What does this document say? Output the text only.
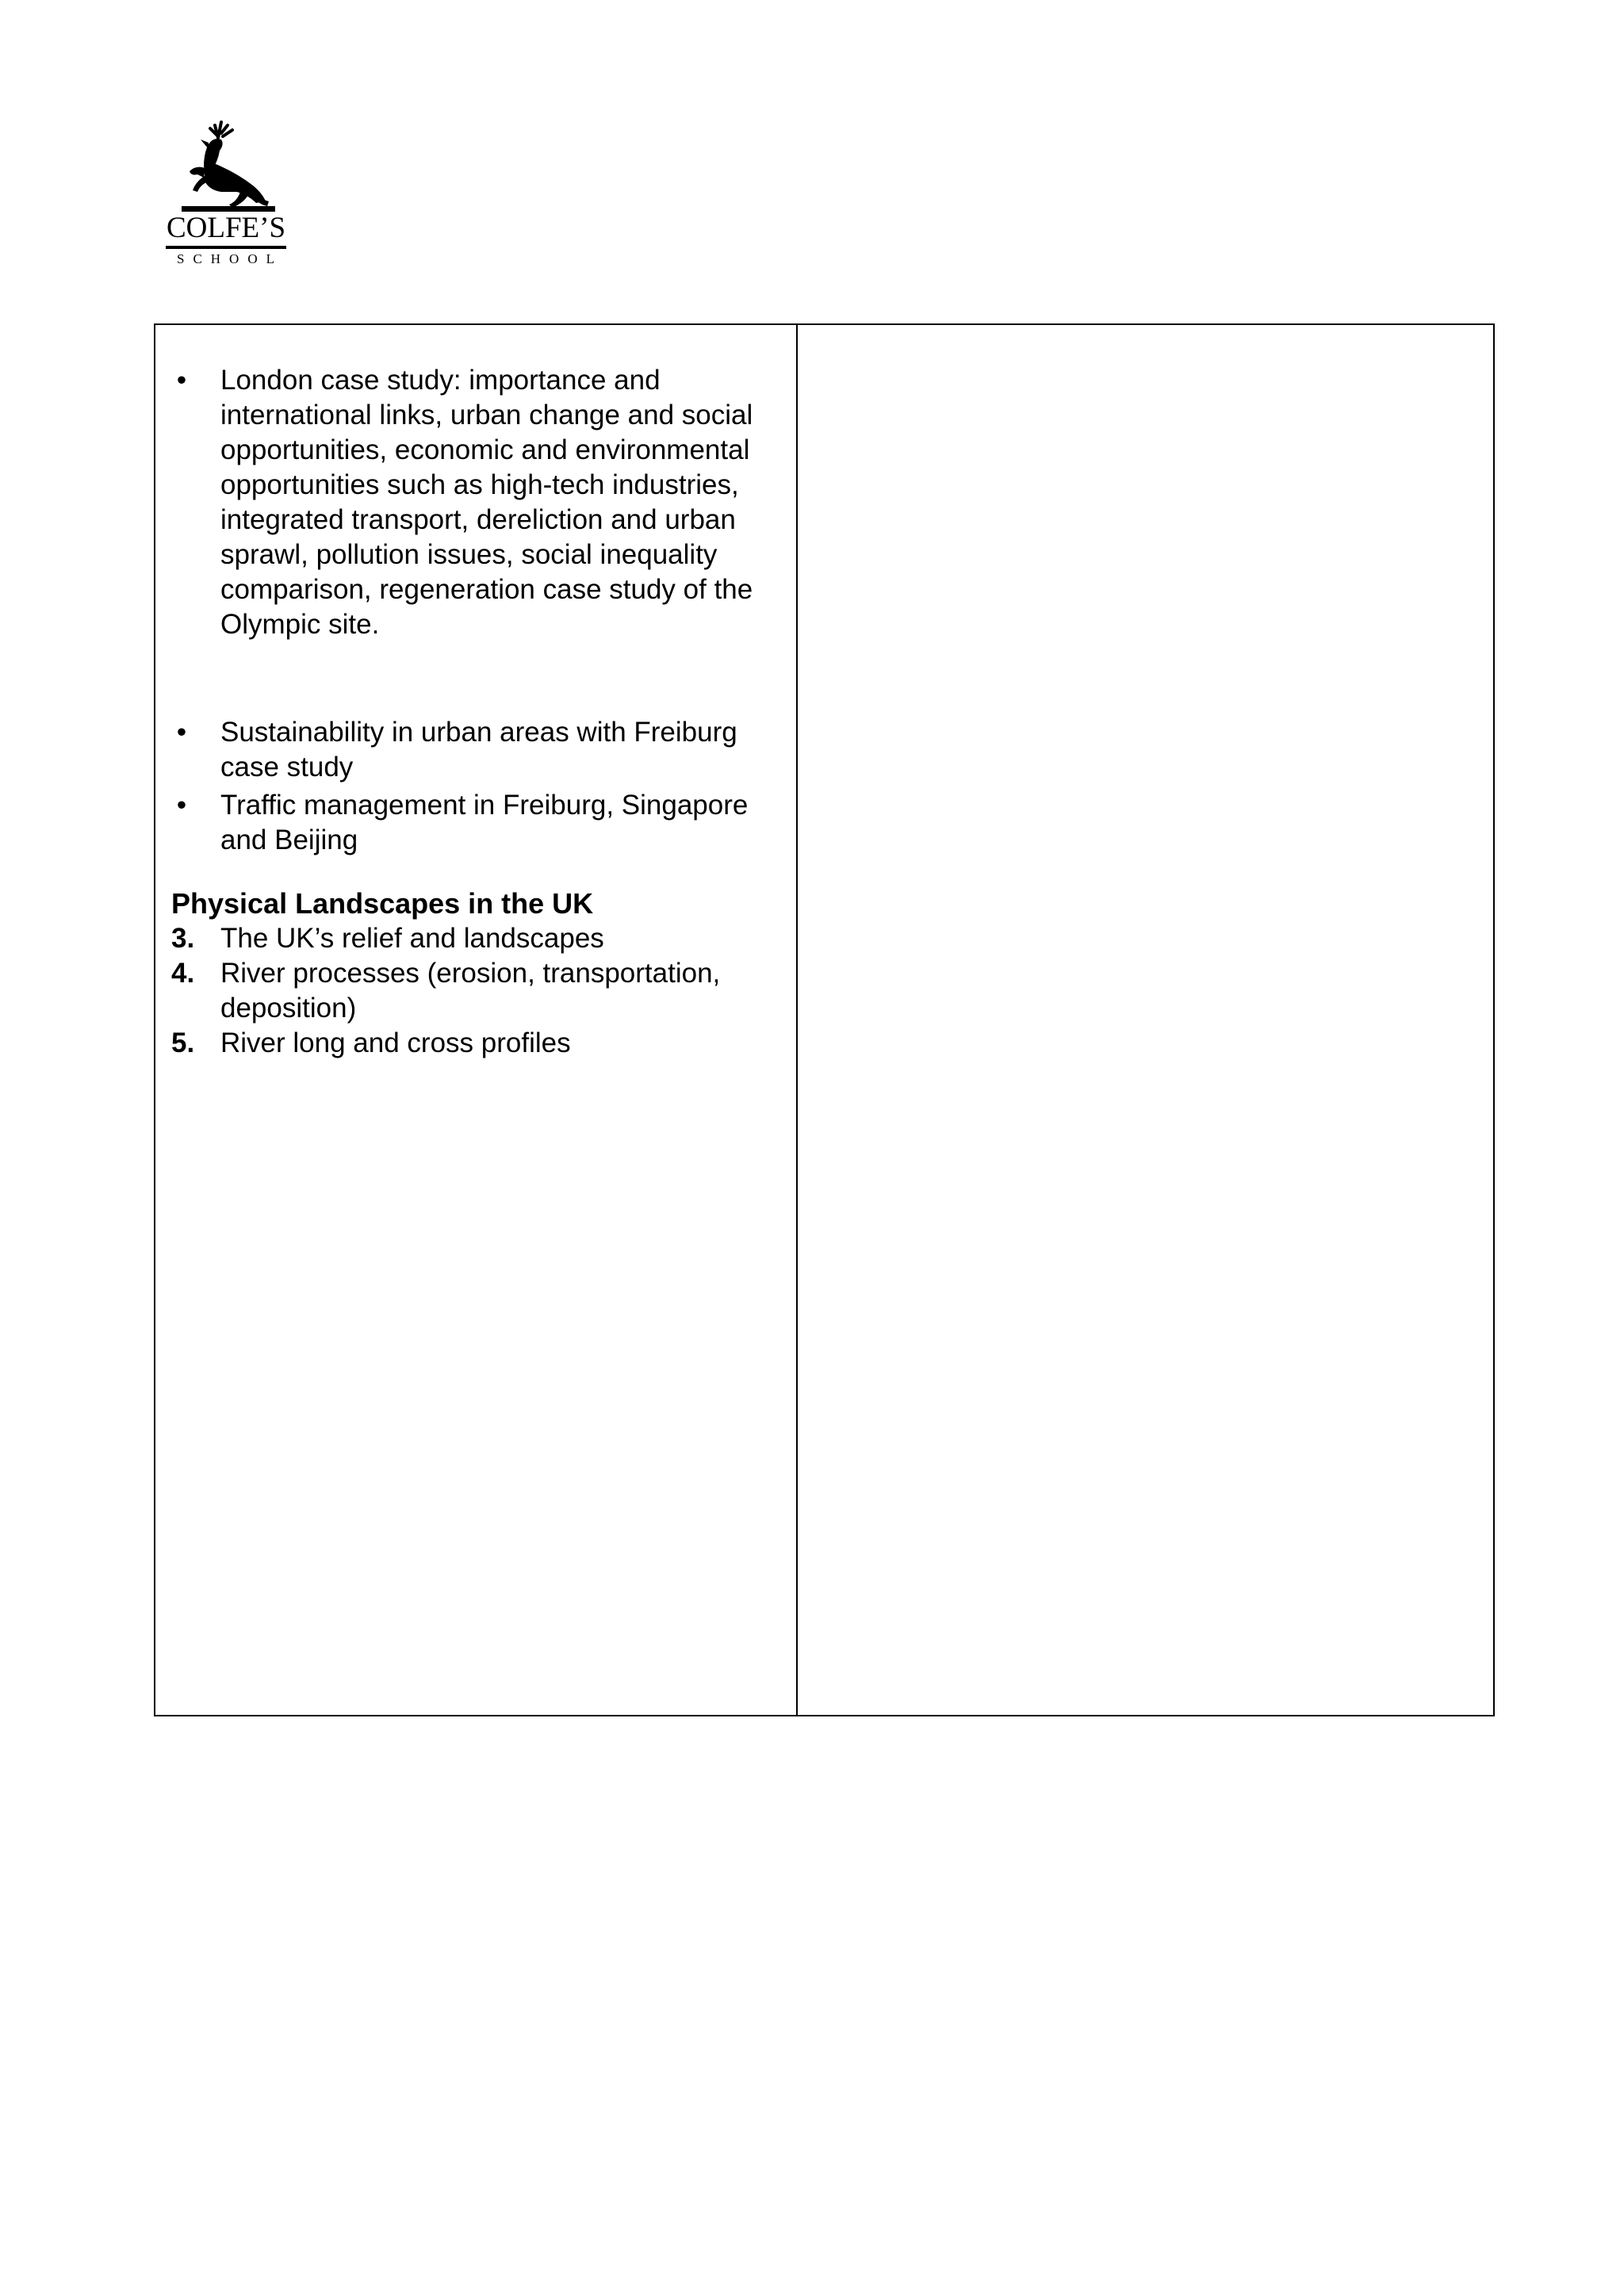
COLFE’S
SCHOOL
• London case study: importance and international links, urban change and social opportunities, economic and environmental opportunities such as high-tech industries, integrated transport, dereliction and urban sprawl, pollution issues, social inequality comparison, regeneration case study of the Olympic site.
• Sustainability in urban areas with Freiburg case study
• Traffic management in Freiburg, Singapore and Beijing
Physical Landscapes in the UK
3. The UK’s relief and landscapes
4. River processes (erosion, transportation, deposition)
5. River long and cross profiles
